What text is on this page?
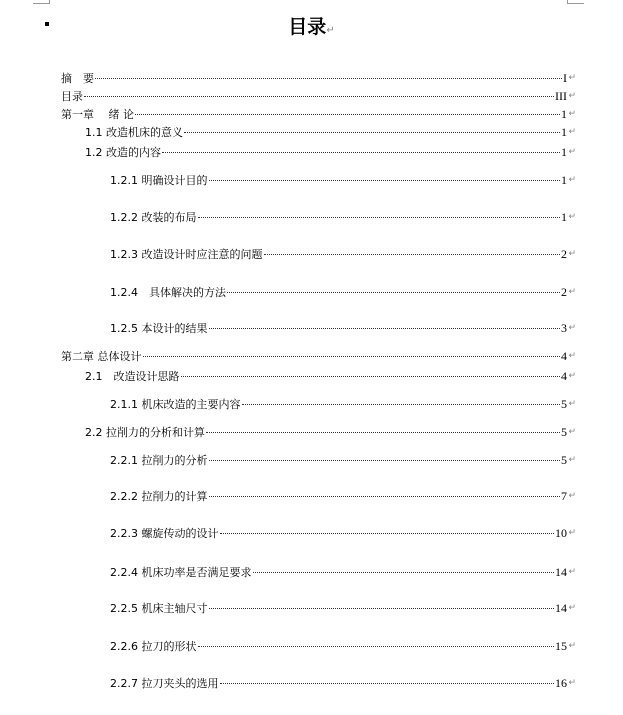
目录↵
摘　要	I ↵
目录	III ↵
第一章　 绪 论	1 ↵
1.1 改造机床的意义	1 ↵
1.2 改造的内容	1 ↵
1.2.1 明确设计目的	1 ↵
1.2.2 改装的布局	1 ↵
1.2.3 改造设计时应注意的问题	2 ↵
1.2.4　具体解决的方法	2 ↵
1.2.5 本设计的结果	3 ↵
第二章 总体设计	4 ↵
2.1　改造设计思路	4 ↵
2.1.1 机床改造的主要内容	5 ↵
2.2 拉削力的分析和计算	5 ↵
2.2.1 拉削力的分析	5 ↵
2.2.2 拉削力的计算	7 ↵
2.2.3 螺旋传动的设计	10 ↵
2.2.4 机床功率是否满足要求	14 ↵
2.2.5 机床主轴尺寸	14 ↵
2.2.6 拉刀的形状	15 ↵
2.2.7 拉刀夹头的选用	16 ↵
